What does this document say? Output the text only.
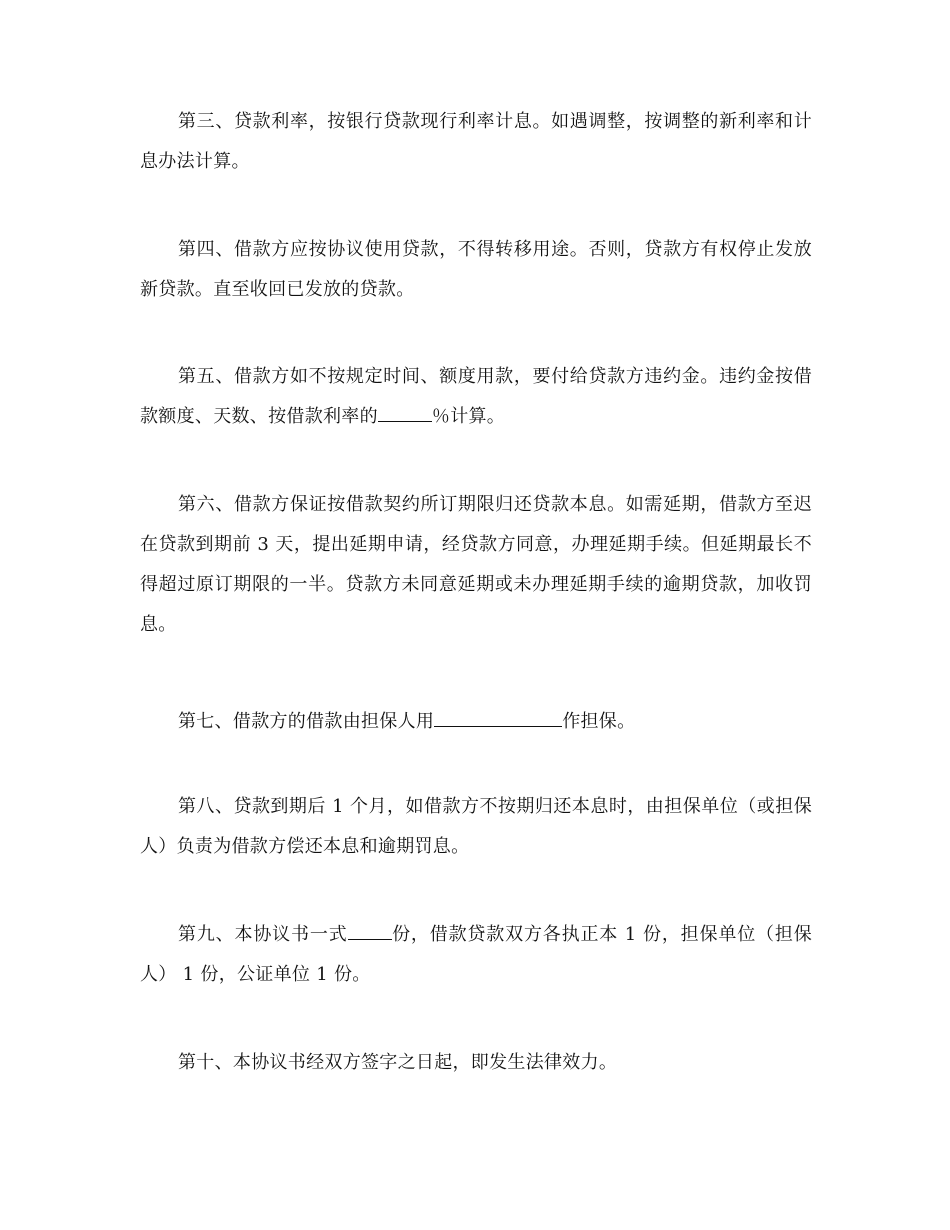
第三、贷款利率，按银行贷款现行利率计息。如遇调整，按调整的新利率和计息办法计算。

第四、借款方应按协议使用贷款，不得转移用途。否则，贷款方有权停止发放新贷款。直至收回已发放的贷款。

第五、借款方如不按规定时间、额度用款，要付给贷款方违约金。违约金按借款额度、天数、按借款利率的	％计算。

第六、借款方保证按借款契约所订期限归还贷款本息。如需延期，借款方至迟在贷款到期前 3 天，提出延期申请，经贷款方同意，办理延期手续。但延期最长不得超过原订期限的一半。贷款方未同意延期或未办理延期手续的逾期贷款，加收罚息。

第七、借款方的借款由担保人用	作担保。

第八、贷款到期后 1 个月，如借款方不按期归还本息时，由担保单位（或担保人）负责为借款方偿还本息和逾期罚息。

第九、本协议书一式 份，借款贷款双方各执正本 1 份，担保单位（担保人） 1 份，公证单位 1 份。

第十、本协议书经双方签字之日起，即发生法律效力。
